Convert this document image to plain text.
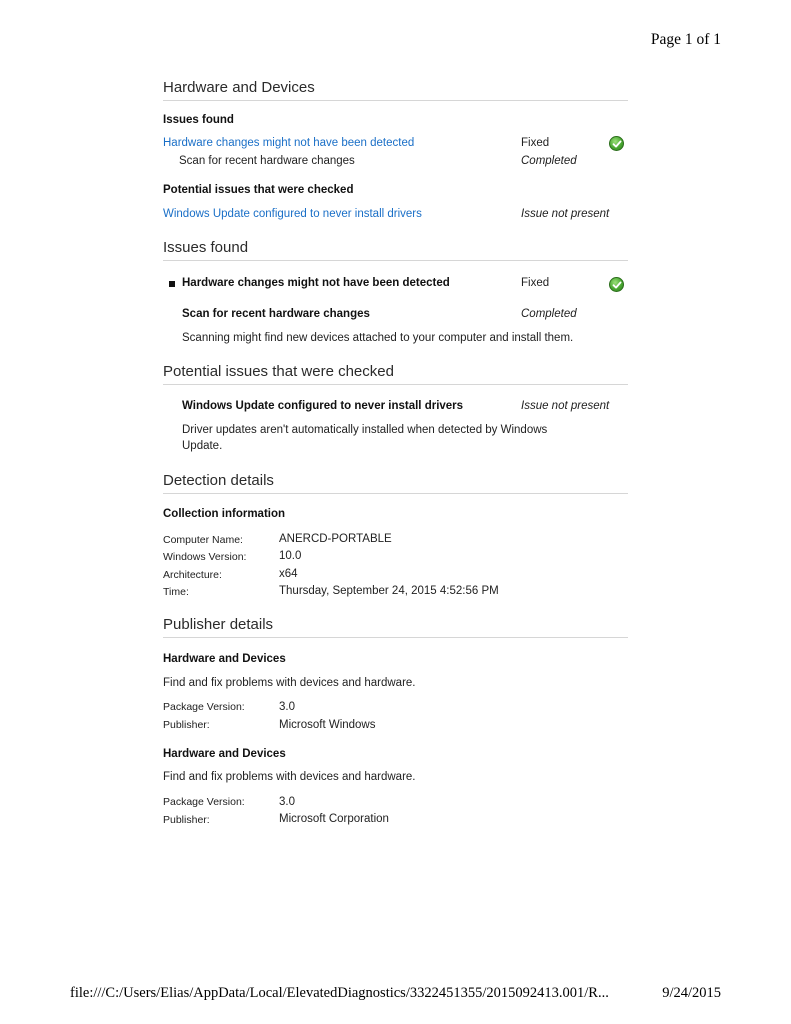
Page 1 of 1
file:///C:/Users/Elias/AppData/Local/ElevatedDiagnostics/3322451355/2015092413.001/R...	9/24/2015
Hardware and Devices
Issues found
Hardware changes might not have been detected	Fixed
Scan for recent hardware changes	Completed
Potential issues that were checked
Windows Update configured to never install drivers	Issue not present
Issues found
Hardware changes might not have been detected	Fixed
Scan for recent hardware changes	Completed
Scanning might find new devices attached to your computer and install them.
Potential issues that were checked
Windows Update configured to never install drivers	Issue not present
Driver updates aren't automatically installed when detected by Windows
Update.
Detection details
Collection information
Computer Name:	ANERCD-PORTABLE
Windows Version:	10.0
Architecture:	x64
Time:	Thursday, September 24, 2015 4:52:56 PM
Publisher details
Hardware and Devices
Find and fix problems with devices and hardware.
Package Version:	3.0
Publisher:	Microsoft Windows
Hardware and Devices
Find and fix problems with devices and hardware.
Package Version:	3.0
Publisher:	Microsoft Corporation
